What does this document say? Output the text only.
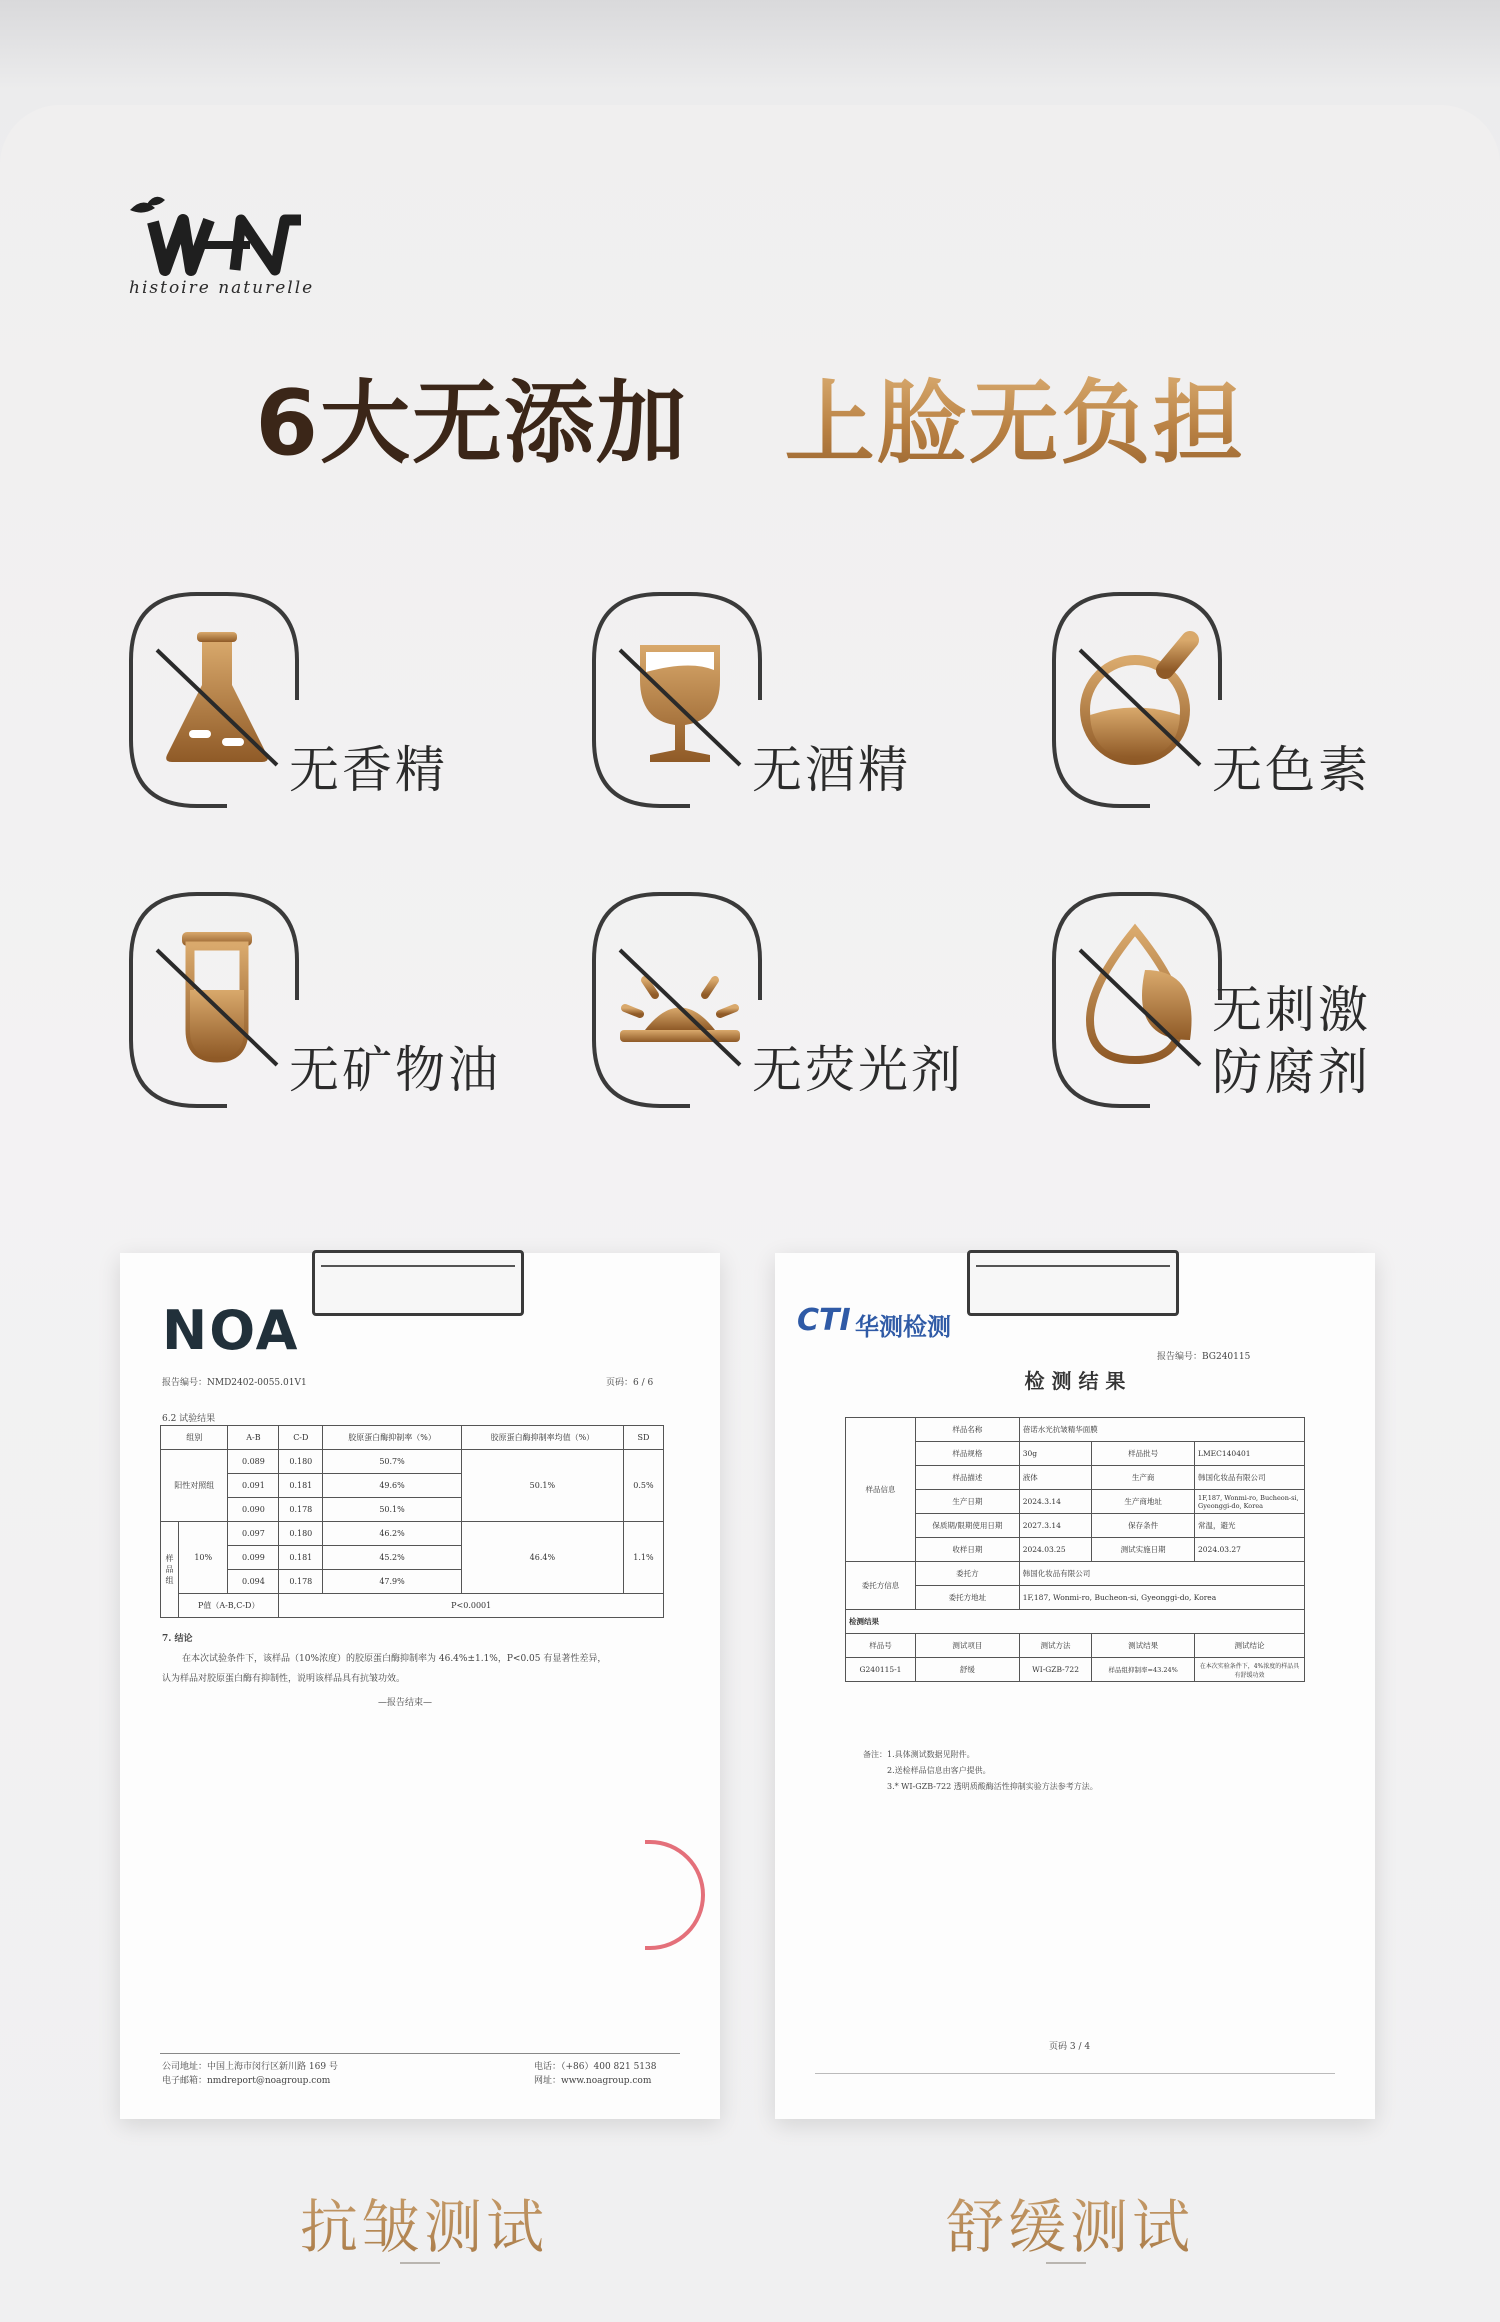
histoire naturelle
6大无添加 上脸无负担
无香精	无酒精	无色素
无矿物油	无荧光剂
无刺激
防腐剂
NOA
报告编号：NMD2402-0055.01V1	页码：6 / 6
6.2 试验结果
组别		A-B	C-D	胶原蛋白酶抑制率（%）	胶原蛋白酶抑制率均值（%）	SD
阳性对照组		0.089	0.180	50.7%	50.1%	0.5%
		0.091	0.181	49.6%		
		0.090	0.178	50.1%		
样品组	10%	0.097	0.180	46.2%	46.4%	1.1%
		0.099	0.181	45.2%		
		0.094	0.178	47.9%		
	P值（A-B,C-D）		P<0.0001			
7. 结论
在本次试验条件下，该样品（10%浓度）的胶原蛋白酶抑制率为 46.4%±1.1%，P<0.05 有显著性差异，
认为样品对胶原蛋白酶有抑制性，说明该样品具有抗皱功效。
—报告结束—
公司地址：中国上海市闵行区新川路 169 号
电子邮箱：nmdreport@noagroup.com
电话：（+86）400 821 5138
网址：www.noagroup.com
CTI 华测检测
报告编号：BG240115
检 测 结 果
样品信息	样品名称	蓓诺水光抗皱精华面膜		
	样品规格	30g	样品批号	LMEC140401
	样品描述	液体	生产商	韩国化妆品有限公司
	生产日期	2024.3.14	生产商地址	1F,187, Wonmi-ro, Bucheon-si, Gyeonggi-do, Korea
	保质期/限期使用日期	2027.3.14	保存条件	常温，避光
	收样日期	2024.03.25	测试实施日期	2024.03.27
委托方信息	委托方	韩国化妆品有限公司		
	委托方地址	1F,187, Wonmi-ro, Bucheon-si, Gyeonggi-do, Korea		
检测结果				
样品号	测试项目	测试方法	测试结果	测试结论
G240115-1	舒缓	WI-GZB-722	样品组抑制率=43.24%	在本次实验条件下，4%浓度的样品具有舒缓功效
备注：1.具体测试数据见附件。
2.送检样品信息由客户提供。
3.* WI-GZB-722 透明质酸酶活性抑制实验方法参考方法。
页码 3 / 4
抗皱测试	舒缓测试
